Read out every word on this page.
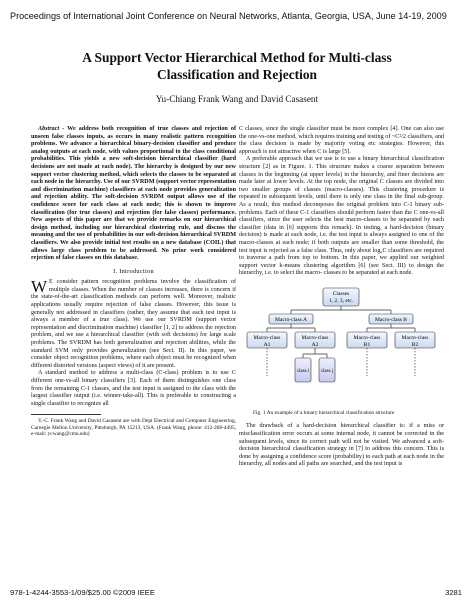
Proceedings of International Joint Conference on Neural Networks, Atlanta, Georgia, USA, June 14-19, 2009
A Support Vector Hierarchical Method for Multi-class
Classification and Rejection
Yu-Chiang Frank Wang and David Casasent

Abstract - We address both recognition of true classes and rejection of unseen false classes inputs, as occurs in many realistic pattern recognition problems. We advance a hierarchical binary-decision classifier and produce analog outputs at each node, with values proportional to the class conditional probabilities. This yields a new soft-decision hierarchical classifier (hard decisions are not made at each node). The hierarchy is designed by our new support vector clustering method, which selects the classes to be separated at each node in the hierarchy. Use of our SVRDM (support vector representation and discrimination machine) classifiers at each node provides generalization and rejection ability. The soft-decision SVRDM output allows use of the confidence score for each class at each node; this is shown to improve classification (for true classes) and rejection (for false classes) performance. New aspects of this paper are that we provide remarks on our hierarchical design method, including our hierarchical clustering rule, and discuss the meaning and the use of probabilities in our soft-decision hierarchical SVRDM classifiers. We also provide initial test results on a new database (COIL) that allows large class problem to be addressed. No prior work considered rejection of false classes on this database.

I. Introduction

W E consider pattern recognition problems involve the classification of multiple classes. When the number of classes increases, there is concern if the state-of-the-art classification methods can perform well. Moreover, realistic applications usually require rejection of false classes. However, this issue is generally not addressed in classifiers (rather, they assume that each test input is always a member of a true class). We use our SVRDM (support vector representation and discrimination machine) classifier [1, 2] to address the rejection problem, and we use a hierarchical classifier (with soft decisions) for large scale problems. The SVRDM has both generalization and rejection abilities, while the standard SVM only provides generalization (see Sect. II). In this paper, we consider object recognition problems, where each object must be recognized when different distorted versions (aspect views) of it are present.

A standard method to address a multi-class (C-class) problem is to use C different one-vs-all binary classifiers [3]. Each of them distinguishes one class from the remaining C-1 classes, and the test input is assigned to the class with the largest classifier output (i.e. winner-take-all). This is preferable to constructing a single classifier to recognize all

Y.-C. Frank Wang and David Casasent are with Dept Electrical and Computer Engineering, Carnegie Mellon University, Pittsburgh, PA 15213, USA. (Frank Wang, phone: 412-268-4495, e-mail: ycwang@cmu.edu)

C classes, since the single classifier must be more complex [4]. One can also use the one-vs-one method, which requires training and testing of ~C²/2 classifiers, and the class decision is made by majority voting etc strategies. However, this approach is not attractive when C is large [5].

A preferable approach that we use is to use a binary hierarchical classification structure [2] as in Figure. 1. This structure makes a coarse separation between classes in the beginning (at upper levels) in the hierarchy, and finer decisions are made later at lower levels. At the top node, the original C classes are divided into two smaller groups of classes (macro-classes). This clustering procedure is repeated in subsequent levels, until there is only one class in the final sub-group. As a result, this method decomposes the original problem into C-1 binary sub-problems. Each of these C-1 classifiers should perform faster than the C one-vs-all classifiers, since the user selects the best macro-classes to be separated by each classifier (data in [6] supports this remark). In testing, a hard-decision (binary decision) is made at each node, i.e. the test input is always assigned to one of the macro-classes at each node; if both outputs are smaller than some threshold, the test input is rejected as a false class. Thus, only about log₂C classifiers are required to traverse a path from top to bottom. In this paper, we applied our weighted support vector k-means clustering algorithm [6] (see Sect. III) to design the hierarchy, i.e. to select the macro- classes to be separated at each node.

Classes
1, 2, 3, etc.
Macro-class A	Macro-class B
Macro-class
A1
Macro-class
A2
Macro-class
B1
Macro-class
B2
class i class j
Fig. 1 An example of a binary hierarchical classification structure

The drawback of a hard-decision hierarchical classifier is: if a miss or misclassification error occurs at some internal node, it cannot be corrected in the subsequent levels, since its correct path will not be visited. We advanced a soft-decision hierarchical classification strategy in [7] to address this concern. This is done by assigning a confidence score (probability) to each path at each node in the hierarchy, all nodes and all paths are searched, and the test input is

978-1-4244-3553-1/09/$25.00 ©2009 IEEE	3281
